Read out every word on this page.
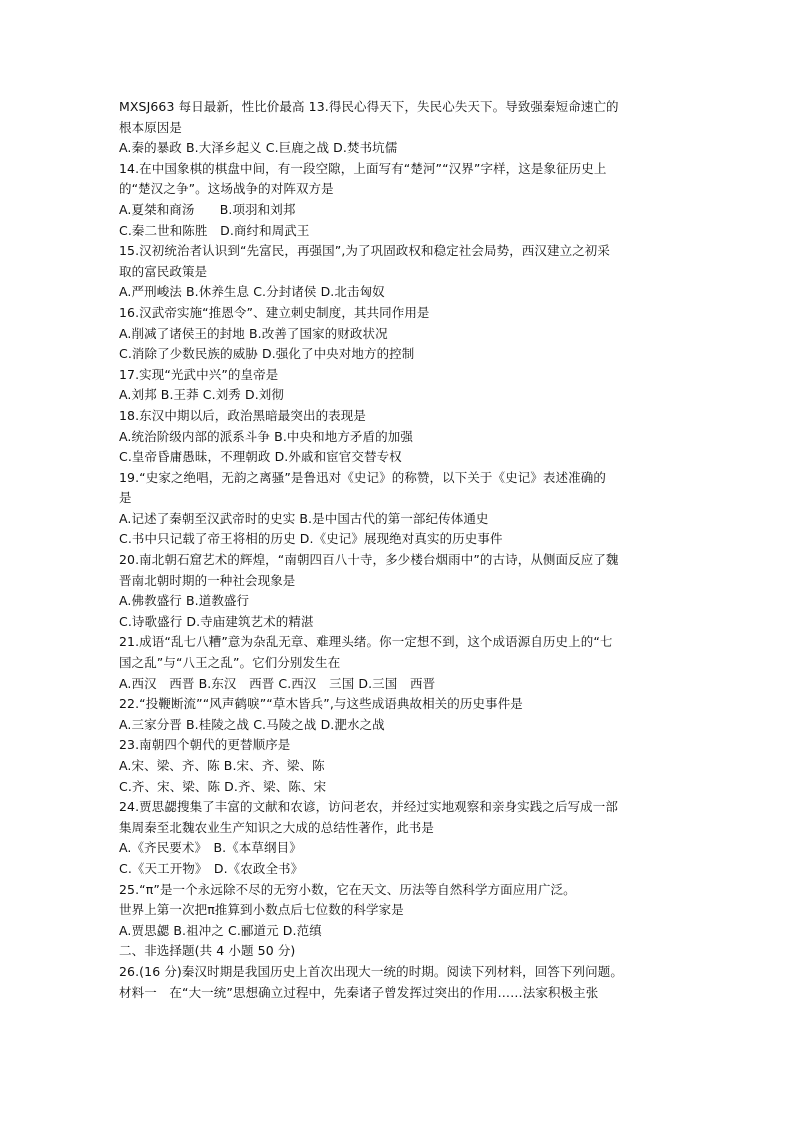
MXSJ663 每日最新，性比价最高 13.得民心得天下，失民心失天下。导致强秦短命速亡的
根本原因是
A.秦的暴政 B.大泽乡起义 C.巨鹿之战 D.焚书坑儒
14.在中国象棋的棋盘中间，有一段空隙，上面写有“楚河”“汉界”字样，这是象征历史上
的“楚汉之争”。这场战争的对阵双方是
A.夏桀和商汤　　B.项羽和刘邦
C.秦二世和陈胜　D.商纣和周武王
15.汉初统治者认识到“先富民，再强国”,为了巩固政权和稳定社会局势，西汉建立之初采
取的富民政策是
A.严刑峻法 B.休养生息 C.分封诸侯 D.北击匈奴
16.汉武帝实施“推恩令”、建立刺史制度，其共同作用是
A.削减了诸侯王的封地 B.改善了国家的财政状况
C.消除了少数民族的威胁 D.强化了中央对地方的控制
17.实现“光武中兴”的皇帝是
A.刘邦 B.王莽 C.刘秀 D.刘彻
18.东汉中期以后，政治黑暗最突出的表现是
A.统治阶级内部的派系斗争 B.中央和地方矛盾的加强
C.皇帝昏庸愚昧，不理朝政 D.外戚和宦官交替专权
19.“史家之绝唱，无韵之离骚”是鲁迅对《史记》的称赞，以下关于《史记》表述准确的
是
A.记述了秦朝至汉武帝时的史实 B.是中国古代的第一部纪传体通史
C.书中只记载了帝王将相的历史 D.《史记》展现绝对真实的历史事件
20.南北朝石窟艺术的辉煌，“南朝四百八十寺，多少楼台烟雨中”的古诗，从侧面反应了魏
晋南北朝时期的一种社会现象是
A.佛教盛行 B.道教盛行
C.诗歌盛行 D.寺庙建筑艺术的精湛
21.成语“乱七八糟”意为杂乱无章、难理头绪。你一定想不到，这个成语源自历史上的“七
国之乱”与“八王之乱”。它们分别发生在
A.西汉　西晋 B.东汉　西晋 C.西汉　三国 D.三国　西晋
22.“投鞭断流”“风声鹤唳”“草木皆兵”,与这些成语典故相关的历史事件是
A.三家分晋 B.桂陵之战 C.马陵之战 D.淝水之战
23.南朝四个朝代的更替顺序是
A.宋、梁、齐、陈 B.宋、齐、梁、陈
C.齐、宋、梁、陈 D.齐、梁、陈、宋
24.贾思勰搜集了丰富的文献和农谚，访问老农，并经过实地观察和亲身实践之后写成一部
集周秦至北魏农业生产知识之大成的总结性著作，此书是
A.《齐民要术》　B.《本草纲目》
C.《天工开物》　D.《农政全书》
25.“π”是一个永远除不尽的无穷小数，它在天文、历法等自然科学方面应用广泛。
世界上第一次把π推算到小数点后七位数的科学家是
A.贾思勰 B.祖冲之 C.郦道元 D.范缜
二、非选择题(共 4 小题 50 分)
26.(16 分)秦汉时期是我国历史上首次出现大一统的时期。阅读下列材料，回答下列问题。
材料一　在“大一统”思想确立过程中，先秦诸子曾发挥过突出的作用……法家积极主张
